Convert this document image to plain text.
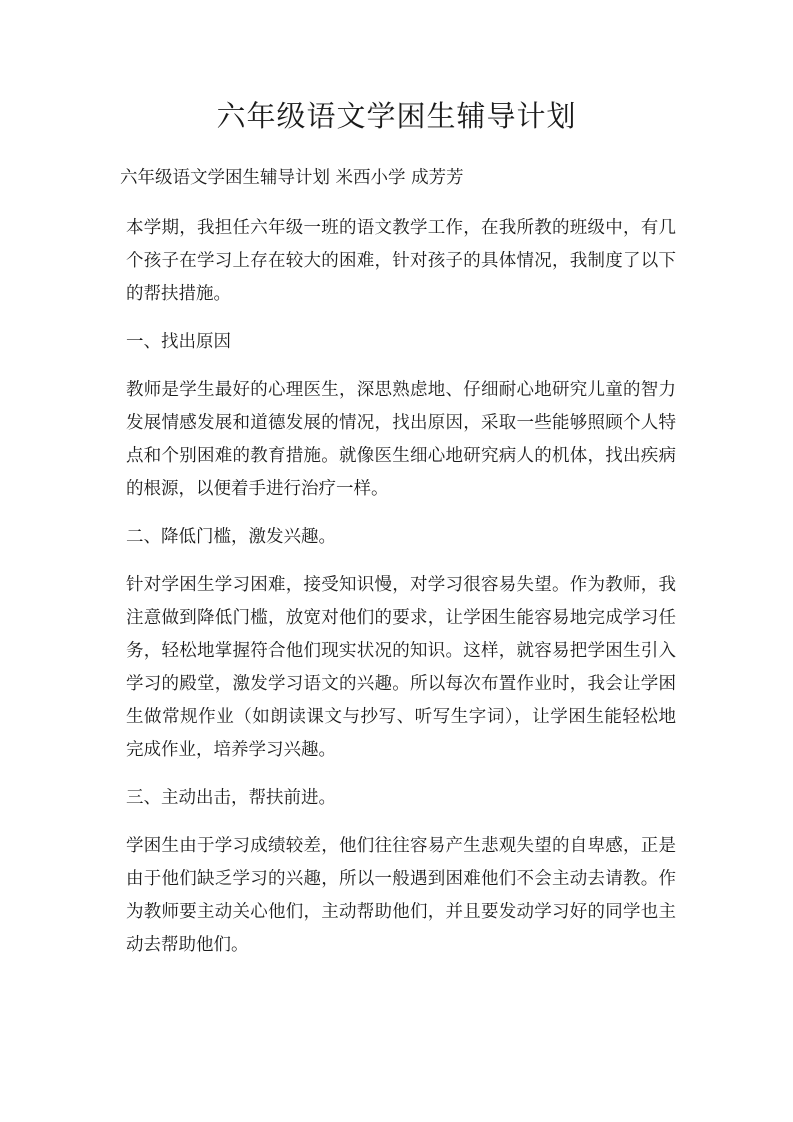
六年级语文学困生辅导计划

六年级语文学困生辅导计划 米西小学 成芳芳

本学期，我担任六年级一班的语文教学工作，在我所教的班级中，有几个孩子在学习上存在较大的困难，针对孩子的具体情况，我制度了以下的帮扶措施。

一、找出原因

教师是学生最好的心理医生，深思熟虑地、仔细耐心地研究儿童的智力发展情感发展和道德发展的情况，找出原因，采取一些能够照顾个人特点和个别困难的教育措施。就像医生细心地研究病人的机体，找出疾病的根源，以便着手进行治疗一样。

二、降低门槛，激发兴趣。

针对学困生学习困难，接受知识慢，对学习很容易失望。作为教师，我注意做到降低门槛，放宽对他们的要求，让学困生能容易地完成学习任务，轻松地掌握符合他们现实状况的知识。这样，就容易把学困生引入学习的殿堂，激发学习语文的兴趣。所以每次布置作业时，我会让学困生做常规作业（如朗读课文与抄写、听写生字词），让学困生能轻松地完成作业，培养学习兴趣。

三、主动出击，帮扶前进。

学困生由于学习成绩较差，他们往往容易产生悲观失望的自卑感，正是由于他们缺乏学习的兴趣，所以一般遇到困难他们不会主动去请教。作为教师要主动关心他们，主动帮助他们，并且要发动学习好的同学也主动去帮助他们。
